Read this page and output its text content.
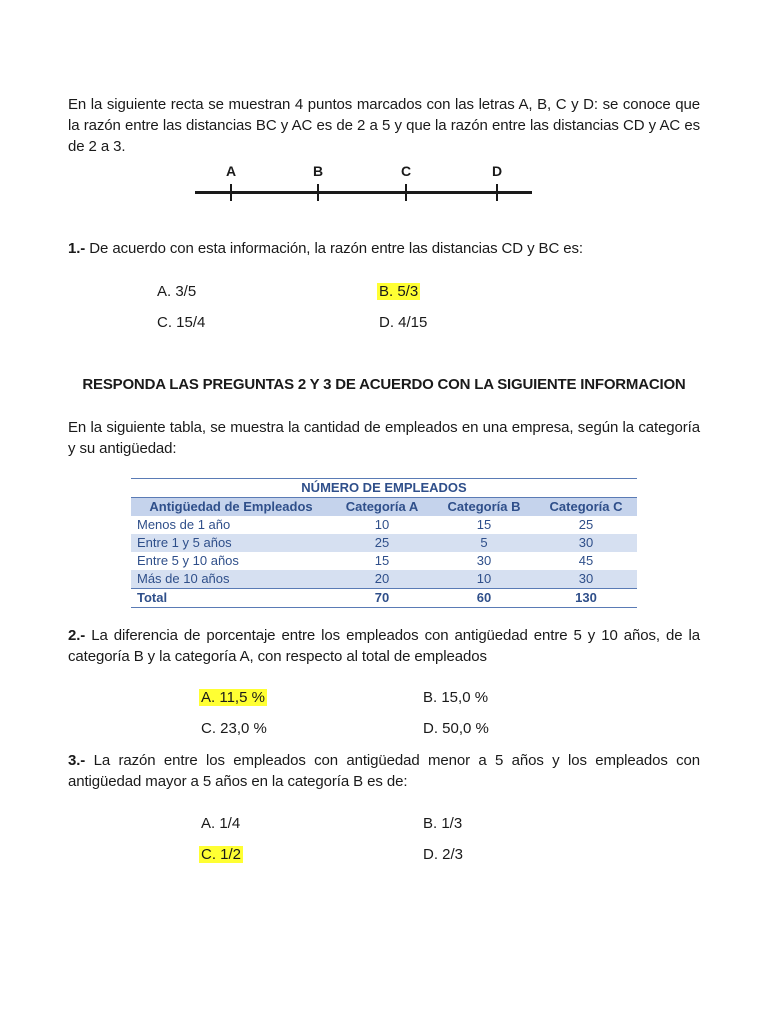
En la siguiente recta se muestran 4 puntos marcados con las letras A, B, C y D: se conoce que la razón entre las distancias BC y AC es de 2 a 5 y que la razón entre las distancias CD y AC es de 2 a 3.
A	B	C	D
1.- De acuerdo con esta información, la razón entre las distancias CD y BC es:
A. 3/5	B. 5/3
C. 15/4	D. 4/15
RESPONDA LAS PREGUNTAS 2 Y 3 DE ACUERDO CON LA SIGUIENTE INFORMACION
En la siguiente tabla, se muestra la cantidad de empleados en una empresa, según la categoría y su antigüedad:
NÚMERO DE EMPLEADOS			
Antigüedad de Empleados	Categoría A	Categoría B	Categoría C
Menos de 1 año	10	15	25
Entre 1 y 5 años	25	5	30
Entre 5 y 10 años	15	30	45
Más de 10 años	20	10	30
Total	70	60	130
2.- La diferencia de porcentaje entre los empleados con antigüedad entre 5 y 10 años, de la categoría B y la categoría A, con respecto al total de empleados
A. 11,5 %	B. 15,0 %
C. 23,0 %	D. 50,0 %
3.- La razón entre los empleados con antigüedad menor a 5 años y los empleados con antigüedad mayor a 5 años en la categoría B es de:
A. 1/4	B. 1/3
C. 1/2	D. 2/3
